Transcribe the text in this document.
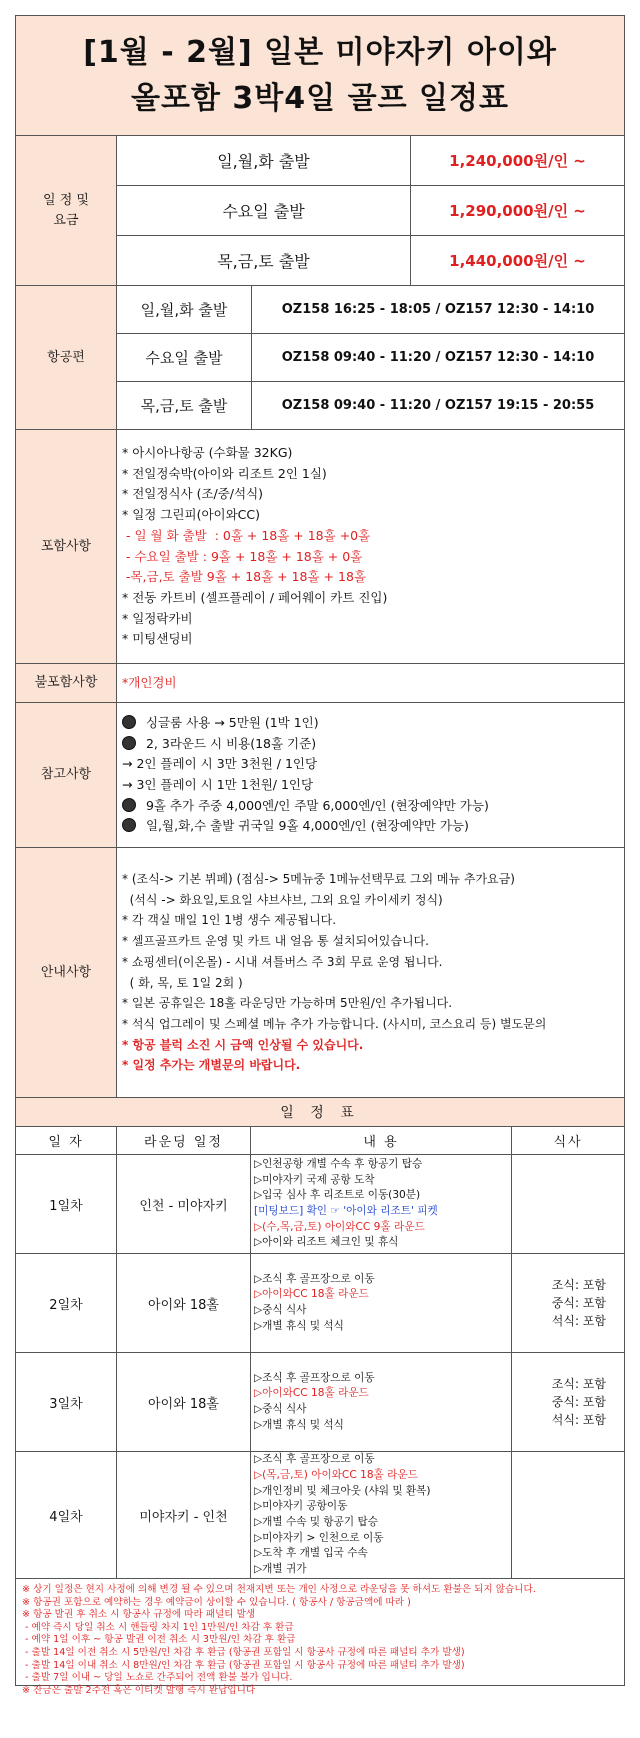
[1월 - 2월] 일본 미야자키 아이와
올포함 3박4일 골프 일정표
일 정 및
요금
일,월,화 출발	1,240,000원/인 ~
수요일 출발	1,290,000원/인 ~
목,금,토 출발	1,440,000원/인 ~
항공편
일,월,화 출발	OZ158 16:25 - 18:05 / OZ157 12:30 - 14:10
수요일 출발	OZ158 09:40 - 11:20 / OZ157 12:30 - 14:10
목,금,토 출발	OZ158 09:40 - 11:20 / OZ157 19:15 - 20:55
포함사항
* 아시아나항공 (수화물 32KG)
* 전일정숙박(아이와 리조트 2인 1실)
* 전일정식사 (조/중/석식)
* 일정 그린피(아이와CC)
- 일 월 화 출발  : 0홀 + 18홀 + 18홀 +0홀
- 수요일 출발 : 9홀 + 18홀 + 18홀 + 0홀
-목,금,토 출발 9홀 + 18홀 + 18홀 + 18홀
* 전동 카트비 (셀프플레이 / 페어웨이 카트 진입)
* 일정락카비
* 미팅샌딩비
불포함사항	* 개인경비
참고사항
싱글룸 사용 → 5만원 (1박 1인)
2, 3라운드 시 비용(18홀 기준)
→ 2인 플레이 시 3만 3천원 / 1인당
→ 3인 플레이 시 1만 1천원/ 1인당
9홀 추가 주중 4,000엔/인 주말 6,000엔/인 (현장예약만 가능)
일,월,화,수 출발 귀국일 9홀 4,000엔/인 (현장예약만 가능)
안내사항
* (조식-> 기본 뷔페) (점심-> 5메뉴중 1메뉴선택무료 그외 메뉴 추가요금)
(석식 -> 화요일,토요일 샤브샤브, 그외 요일 카이세키 정식)
* 각 객실 매일 1인 1병 생수 제공됩니다.
* 셀프골프카트 운영 및 카트 내 얼음 통 설치되어있습니다.
* 쇼핑센터(이온몰) - 시내 셔틀버스 주 3회 무료 운영 됩니다.
( 화, 목, 토 1일 2회 )
* 일본 공휴일은 18홀 라운딩만 가능하며 5만원/인 추가됩니다.
* 석식 업그레이 및 스페셜 메뉴 추가 가능합니다. (사시미, 코스요리 등) 별도문의
* 항공 블럭 소진 시 금액 인상될 수 있습니다.
* 일정 추가는 개별문의 바랍니다.
일 정 표
일 자	라운딩 일정	내 용	식사
1일차	인천 - 미야자키
▷인천공항 개별 수속 후 항공기 탑승
▷미야자키 국제 공항 도착
▷입국 심사 후 리조트로 이동(30분)
[미팅보드] 확인 ☞ '아이와 리조트' 피켓
▷(수,목,금,토) 아이와CC 9홀 라운드
▷아이와 리조트 체크인 및 휴식
2일차	아이와 18홀
▷조식 후 골프장으로 이동
▷아이와CC 18홀 라운드
▷중식 식사
▷개별 휴식 및 석식
조식: 포함
중식: 포함
석식: 포함
3일차	아이와 18홀
▷조식 후 골프장으로 이동
▷아이와CC 18홀 라운드
▷중식 식사
▷개별 휴식 및 석식
조식: 포함
중식: 포함
석식: 포함
4일차	미야자키 - 인천
▷조식 후 골프장으로 이동
▷(목,금,토) 아이와CC 18홀 라운드
▷개인정비 및 체크아웃 (샤워 및 환복)
▷미야자키 공항이동
▷개별 수속 및 항공기 탑승
▷미야자키 > 인천으로 이동
▷도착 후 개별 입국 수속
▷개별 귀가
※ 상기 일정은 현지 사정에 의해 변경 될 수 있으며 천재지변 또는 개인 사정으로 라운딩을 못 하셔도 환불은 되지 않습니다.
※ 항공권 포함으로 예약하는 경우 예약금이 상이할 수 있습니다. ( 항공사 / 항공금액에 따라 )
※ 항공 발권 후 취소 시 항공사 규정에 따라 패널티 발생
- 예약 즉시 당일 취소 시 핸들링 차지 1인 1만원/인 차감 후 환급
- 예약 1일 이후 ~ 항공 발권 이전 취소 시 3만원/인 차감 후 환급
- 출발 14일 이전 취소 시 5만원/인 차감 후 환급 (항공권 포함일 시 항공사 규정에 따른 패널티 추가 발생)
- 출발 14일 이내 취소 시 8만원/인 차감 후 환급 (항공권 포함일 시 항공사 규정에 따른 패널티 추가 발생)
- 출발 7일 이내 ~ 당일 노쇼로 간주되어 전액 환불 불가 입니다.
※ 잔금은 출발 2주전 혹은 이티켓 발행 즉시 완납입니다
